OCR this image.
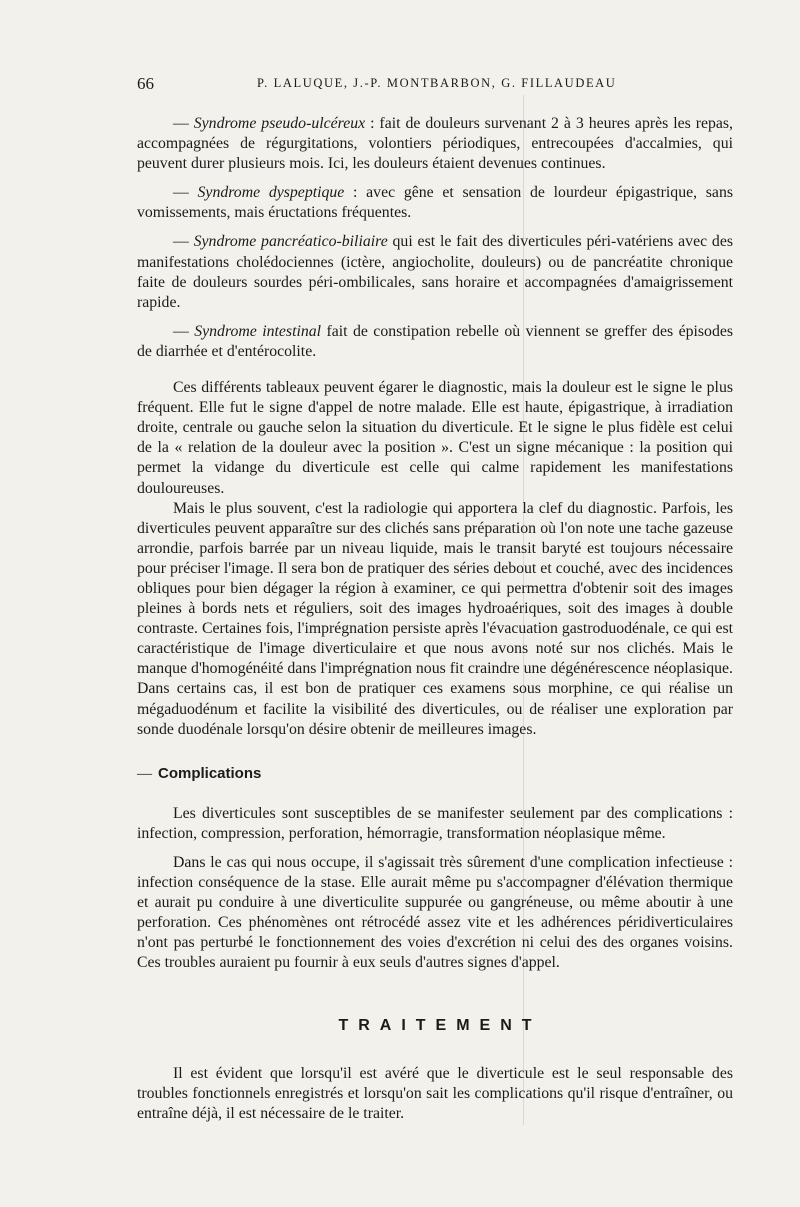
66	P. LALUQUE, J.-P. MONTBARBON, G. FILLAUDEAU

— Syndrome pseudo-ulcéreux : fait de douleurs survenant 2 à 3 heures après les repas, accompagnées de régurgitations, volontiers périodiques, entrecoupées d'accalmies, qui peuvent durer plusieurs mois. Ici, les douleurs étaient devenues continues.

— Syndrome dyspeptique : avec gêne et sensation de lourdeur épigastrique, sans vomissements, mais éructations fréquentes.

— Syndrome pancréatico-biliaire qui est le fait des diverticules péri-vatériens avec des manifestations cholédociennes (ictère, angiocholite, douleurs) ou de pancréatite chronique faite de douleurs sourdes péri-ombilicales, sans horaire et accompagnées d'amaigrissement rapide.

— Syndrome intestinal fait de constipation rebelle où viennent se greffer des épisodes de diarrhée et d'entérocolite.

Ces différents tableaux peuvent égarer le diagnostic, mais la douleur est le signe le plus fréquent. Elle fut le signe d'appel de notre malade. Elle est haute, épigastrique, à irradiation droite, centrale ou gauche selon la situation du diverticule. Et le signe le plus fidèle est celui de la « relation de la douleur avec la position ». C'est un signe mécanique : la position qui permet la vidange du diverticule est celle qui calme rapidement les manifestations douloureuses.

Mais le plus souvent, c'est la radiologie qui apportera la clef du diagnostic. Parfois, les diverticules peuvent apparaître sur des clichés sans préparation où l'on note une tache gazeuse arrondie, parfois barrée par un niveau liquide, mais le transit baryté est toujours nécessaire pour préciser l'image. Il sera bon de pratiquer des séries debout et couché, avec des incidences obliques pour bien dégager la région à examiner, ce qui permettra d'obtenir soit des images pleines à bords nets et réguliers, soit des images hydroaériques, soit des images à double contraste. Certaines fois, l'imprégnation persiste après l'évacuation gastroduodénale, ce qui est caractéristique de l'image diverticulaire et que nous avons noté sur nos clichés. Mais le manque d'homogénéité dans l'imprégnation nous fit craindre une dégénérescence néoplasique. Dans certains cas, il est bon de pratiquer ces examens sous morphine, ce qui réalise un mégaduodénum et facilite la visibilité des diverticules, ou de réaliser une exploration par sonde duodénale lorsqu'on désire obtenir de meilleures images.

— Complications

Les diverticules sont susceptibles de se manifester seulement par des complications : infection, compression, perforation, hémorragie, transformation néoplasique même.

Dans le cas qui nous occupe, il s'agissait très sûrement d'une complication infectieuse : infection conséquence de la stase. Elle aurait même pu s'accompagner d'élévation thermique et aurait pu conduire à une diverticulite suppurée ou gangréneuse, ou même aboutir à une perforation. Ces phénomènes ont rétrocédé assez vite et les adhérences péridiverticulaires n'ont pas perturbé le fonctionnement des voies d'excrétion ni celui des des organes voisins. Ces troubles auraient pu fournir à eux seuls d'autres signes d'appel.

TRAITEMENT

Il est évident que lorsqu'il est avéré que le diverticule est le seul responsable des troubles fonctionnels enregistrés et lorsqu'on sait les complications qu'il risque d'entraîner, ou entraîne déjà, il est nécessaire de le traiter.
